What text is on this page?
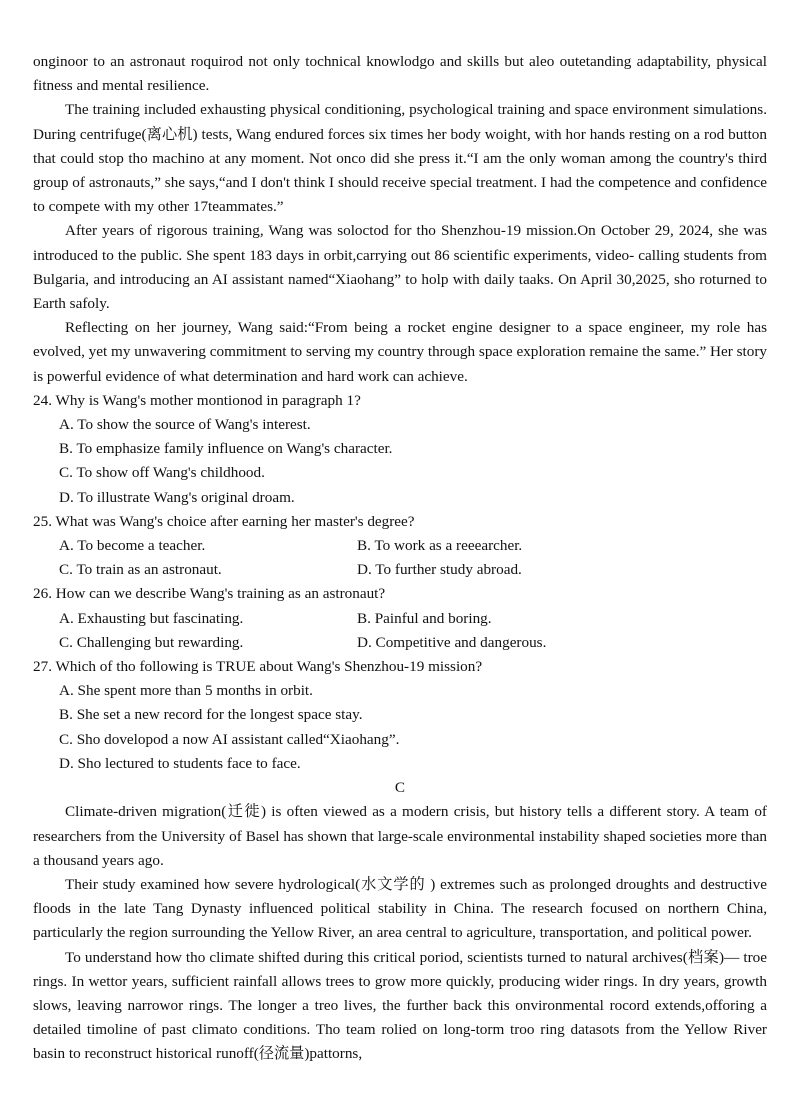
onginoor to an astronaut roquirod not only tochnical knowlodgo and skills but aleo outetanding adaptability, physical fitness and mental resilience.

The training included exhausting physical conditioning, psychological training and space environment simulations. During centrifuge(离心机) tests, Wang endured forces six times her body woight, with hor hands resting on a rod button that could stop tho machino at any moment. Not onco did she press it.“I am the only woman among the country's third group of astronauts,” she says,“and I don't think I should receive special treatment. I had the competence and confidence to compete with my other 17teammates.”

After years of rigorous training, Wang was soloctod for tho Shenzhou-19 mission.On October 29, 2024, she was introduced to the public. She spent 183 days in orbit,carrying out 86 scientific experiments, video- calling students from Bulgaria, and introducing an AI assistant named“Xiaohang” to holp with daily taaks. On April 30,2025, sho roturned to Earth safoly.

Reflecting on her journey, Wang said:“From being a rocket engine designer to a space engineer, my role has evolved, yet my unwavering commitment to serving my country through space exploration remaine the same.” Her story is powerful evidence of what determination and hard work can achieve.

24. Why is Wang's mother montionod in paragraph 1?

A. To show the source of Wang's interest.

B. To emphasize family influence on Wang's character.

C. To show off Wang's childhood.

D. To illustrate Wang's original droam.

25. What was Wang's choice after earning her master's degree?

A. To become a teacher.	B. To work as a reeearcher.
C. To train as an astronaut.	D. To further study abroad.

26. How can we describe Wang's training as an astronaut?

A. Exhausting but fascinating.	B. Painful and boring.
C. Challenging but rewarding.	D. Competitive and dangerous.

27. Which of tho following is TRUE about Wang's Shenzhou-19 mission?

A. She spent more than 5 months in orbit.

B. She set a new record for the longest space stay.

C. Sho dovelopod a now AI assistant called“Xiaohang”.

D. Sho lectured to students face to face.

C

Climate-driven migration(迁徙) is often viewed as a modern crisis, but history tells a different story. A team of researchers from the University of Basel has shown that large-scale environmental instability shaped societies more than a thousand years ago.

Their study examined how severe hydrological(水文学的 ) extremes such as prolonged droughts and destructive floods in the late Tang Dynasty influenced political stability in China. The research focused on northern China, particularly the region surrounding the Yellow River, an area central to agriculture, transportation, and political power.

To understand how tho climate shifted during this critical poriod, scientists turned to natural archives(档案)— troe rings. In wettor years, sufficient rainfall allows trees to grow more quickly, producing wider rings. In dry years, growth slows, leaving narrowor rings. The longer a treo lives, the further back this onvironmental rocord extends,offoring a detailed timoline of past climato conditions. Tho team rolied on long-torm troo ring datasots from the Yellow River basin to reconstruct historical runoff(径流量)pattorns,
